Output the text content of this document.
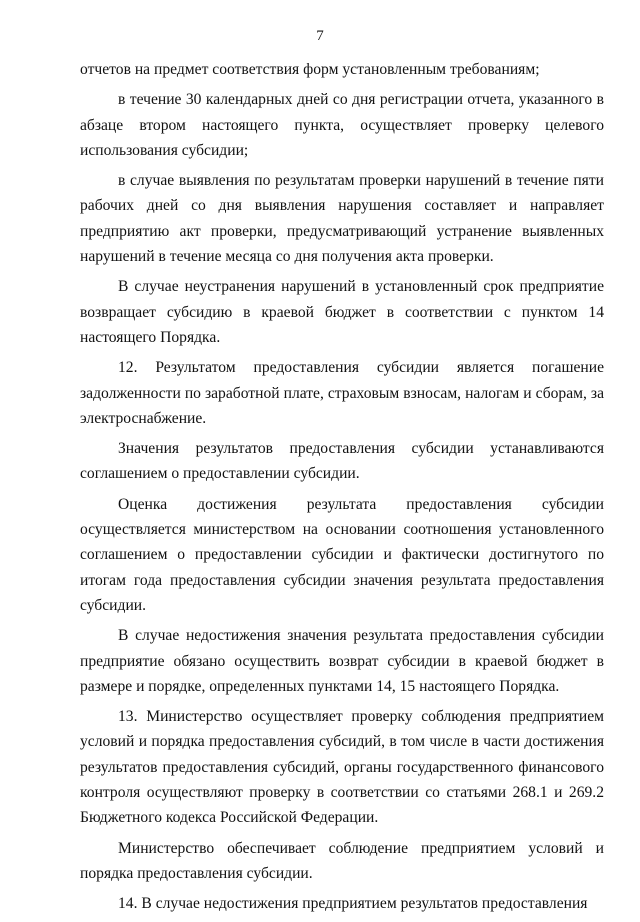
7

отчетов на предмет соответствия форм установленным требованиям;

в течение 30 календарных дней со дня регистрации отчета, указанного в абзаце втором настоящего пункта, осуществляет проверку целевого использования субсидии;

в случае выявления по результатам проверки нарушений в течение пяти рабочих дней со дня выявления нарушения составляет и направляет предприятию акт проверки, предусматривающий устранение выявленных нарушений в течение месяца со дня получения акта проверки.

В случае неустранения нарушений в установленный срок предприятие возвращает субсидию в краевой бюджет в соответствии с пунктом 14 настоящего Порядка.

12. Результатом предоставления субсидии является погашение задолженности по заработной плате, страховым взносам, налогам и сборам, за электроснабжение.

Значения результатов предоставления субсидии устанавливаются соглашением о предоставлении субсидии.

Оценка достижения результата предоставления субсидии осуществляется министерством на основании соотношения установленного соглашением о предоставлении субсидии и фактически достигнутого по итогам года предоставления субсидии значения результата предоставления субсидии.

В случае недостижения значения результата предоставления субсидии предприятие обязано осуществить возврат субсидии в краевой бюджет в размере и порядке, определенных пунктами 14, 15 настоящего Порядка.

13. Министерство осуществляет проверку соблюдения предприятием условий и порядка предоставления субсидий, в том числе в части достижения результатов предоставления субсидий, органы государственного финансового контроля осуществляют проверку в соответствии со статьями 268.1 и 269.2 Бюджетного кодекса Российской Федерации.

Министерство обеспечивает соблюдение предприятием условий и порядка предоставления субсидии.

14. В случае недостижения предприятием результатов предоставления
